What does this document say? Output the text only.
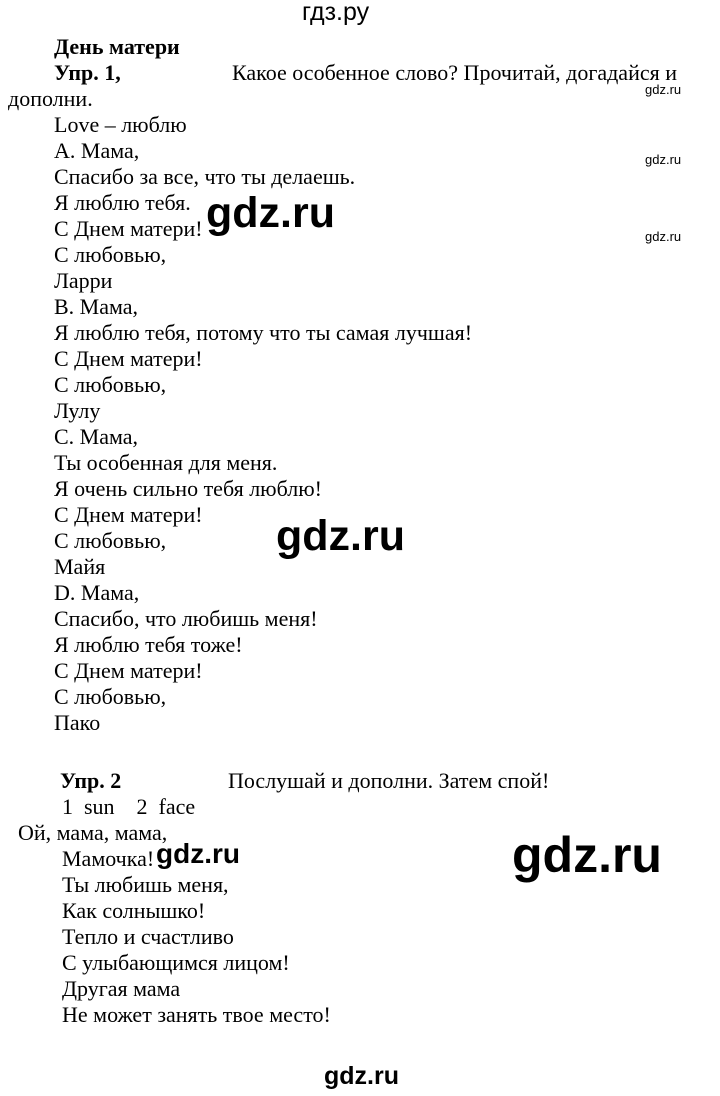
гдз.ру
День матери
Упр. 1,	Какое особенное слово? Прочитай, догадайся и
дополни.
Love – люблю
А. Мама,
Спасибо за все, что ты делаешь.
Я люблю тебя.
С Днем матери!
С любовью,
Ларри
В. Мама,
Я люблю тебя, потому что ты самая лучшая!
С Днем матери!
С любовью,
Лулу
С. Мама,
Ты особенная для меня.
Я очень сильно тебя люблю!
С Днем матери!
С любовью,
Майя
D. Мама,
Спасибо, что любишь меня!
Я люблю тебя тоже!
С Днем матери!
С любовью,
Пако
Упр. 2	Послушай и дополни. Затем спой!
1  sun    2  face
Ой, мама, мама,
Мамочка!
Ты любишь меня,
Как солнышко!
Тепло и счастливо
С улыбающимся лицом!
Другая мама
Не может занять твое место!
gdz.ru
gdz.ru
gdz.ru
gdz.ru
gdz.ru
gdz.ru	gdz.ru
gdz.ru
